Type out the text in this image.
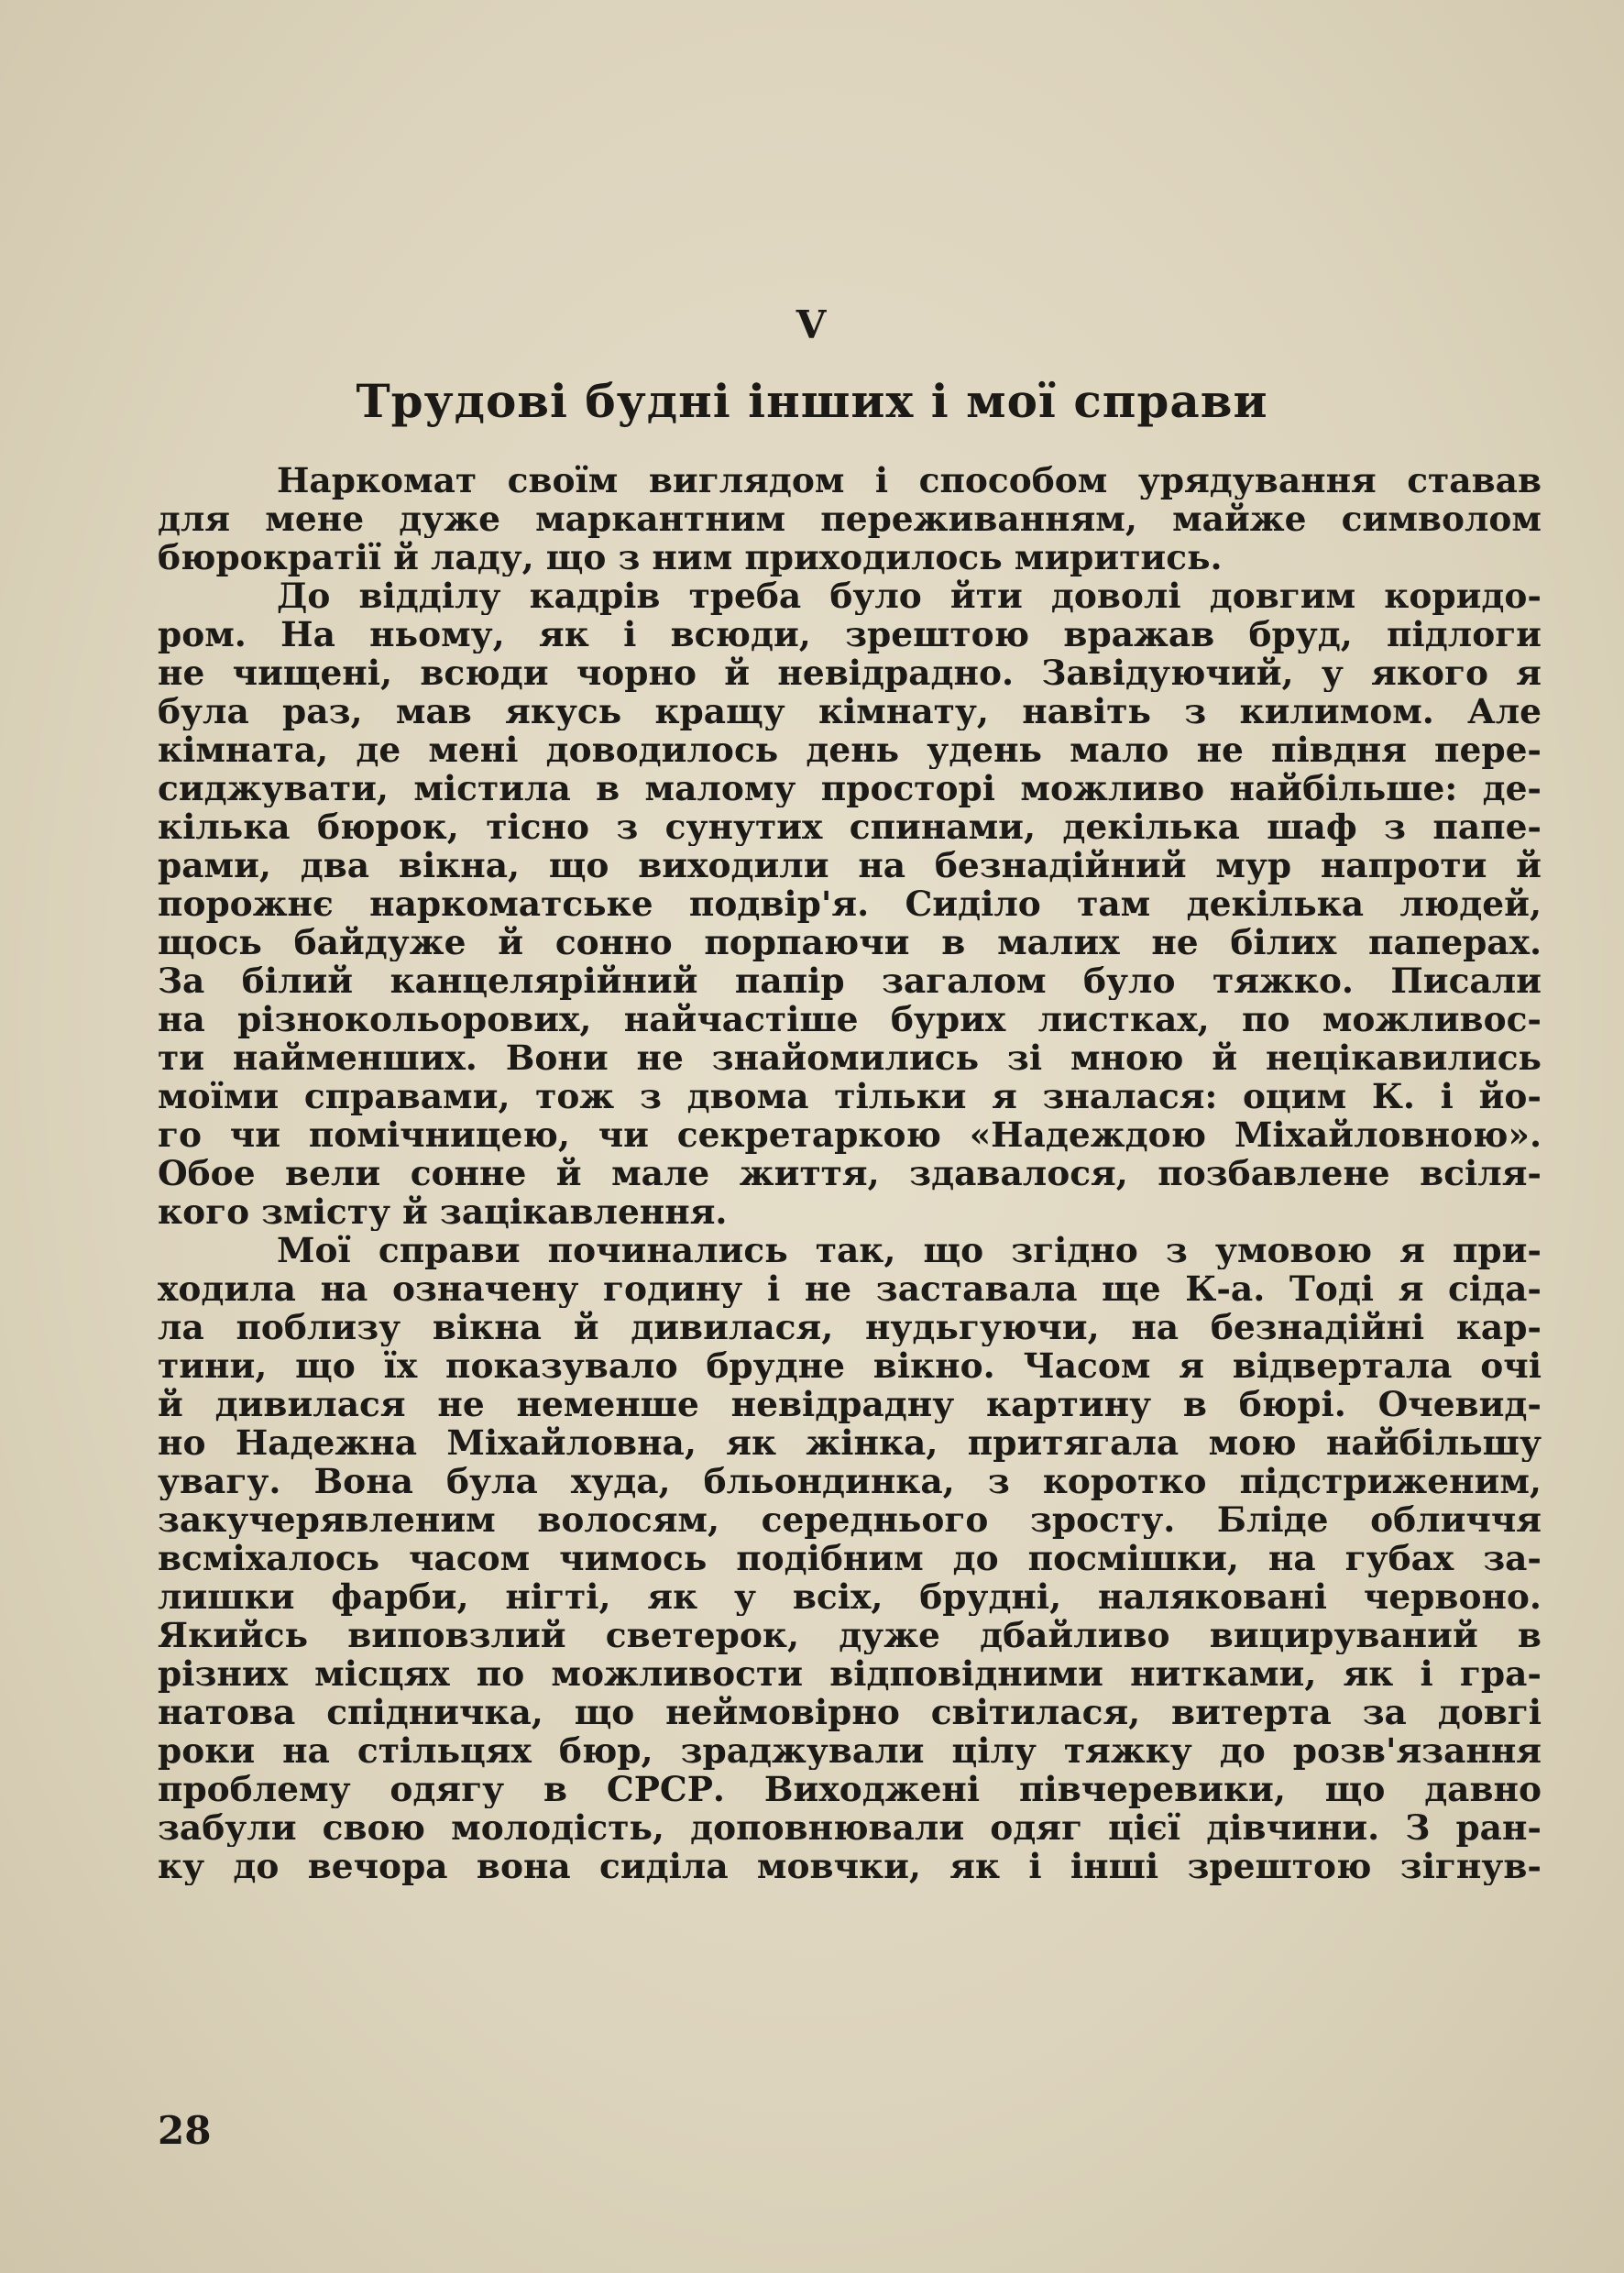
V
Трудові будні інших і мої справи
Наркомат своїм виглядом і способом урядування ставав
для мене дуже маркантним переживанням, майже символом
бюрократії й ладу, що з ним приходилось миритись.
До відділу кадрів треба було йти доволі довгим коридо-
ром. На ньому, як і всюди, зрештою вражав бруд, підлоги
не чищені, всюди чорно й невідрадно. Завідуючий, у якого я
була раз, мав якусь кращу кімнату, навіть з килимом. Але
кімната, де мені доводилось день удень мало не півдня пере-
сиджувати, містила в малому просторі можливо найбільше: де-
кілька бюрок, тісно з сунутих спинами, декілька шаф з папе-
рами, два вікна, що виходили на безнадійний мур напроти й
порожнє наркоматське подвір'я. Сиділо там декілька людей,
щось байдуже й сонно порпаючи в малих не білих паперах.
За білий канцелярійний папір загалом було тяжко. Писали
на різнокольорових, найчастіше бурих листках, по можливос-
ти найменших. Вони не знайомились зі мною й нецікавились
моїми справами, тож з двома тільки я зналася: оцим К. і йо-
го чи помічницею, чи секретаркою «Надеждою Міхайловною».
Обое вели сонне й мале життя, здавалося, позбавлене всіля-
кого змісту й зацікавлення.
Мої справи починались так, що згідно з умовою я при-
ходила на означену годину і не заставала ще К-а. Тоді я сіда-
ла поблизу вікна й дивилася, нудьгуючи, на безнадійні кар-
тини, що їх показувало брудне вікно. Часом я відвертала очі
й дивилася не неменше невідрадну картину в бюрі. Очевид-
но Надежна Міхайловна, як жінка, притягала мою найбільшу
увагу. Вона була худа, бльондинка, з коротко підстриженим,
закучерявленим волосям, середнього зросту. Бліде обличчя
всміхалось часом чимось подібним до посмішки, на губах за-
лишки фарби, нігті, як у всіх, брудні, наляковані червоно.
Якийсь виповзлий светерок, дуже дбайливо вицируваний в
різних місцях по можливости відповідними нитками, як і гра-
натова спідничка, що неймовірно світилася, витерта за довгі
роки на стільцях бюр, зраджували цілу тяжку до розв'язання
проблему одягу в СРСР. Виходжені півчеревики, що давно
забули свою молодість, доповнювали одяг цієї дівчини. З ран-
ку до вечора вона сиділа мовчки, як і інші зрештою зігнув-
28
